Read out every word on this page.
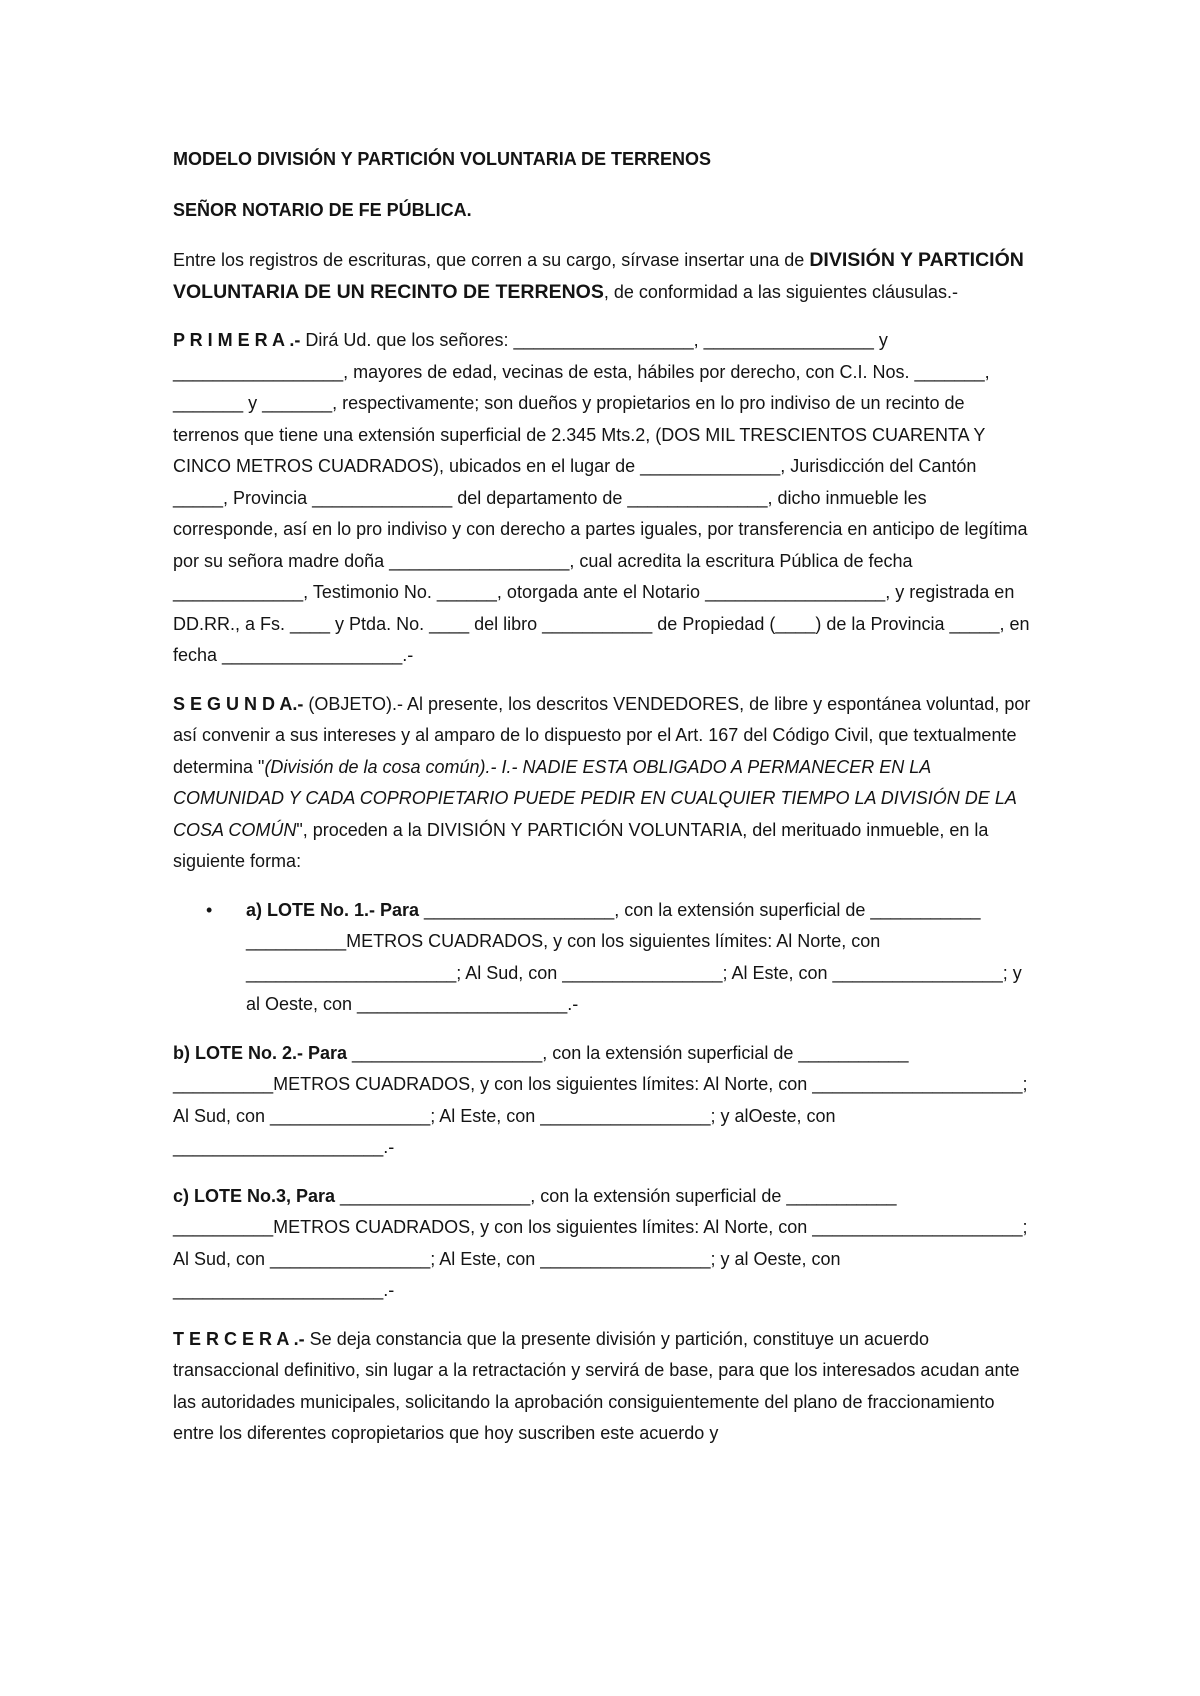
MODELO DIVISIÓN Y PARTICIÓN VOLUNTARIA DE TERRENOS

SEÑOR NOTARIO DE FE PÚBLICA.

Entre los registros de escrituras, que corren a su cargo, sírvase insertar una de DIVISIÓN Y PARTICIÓN VOLUNTARIA DE UN RECINTO DE TERRENOS, de conformidad a las siguientes cláusulas.-

P R I M E R A .- Dirá Ud. que los señores: __________________, _________________ y _________________, mayores de edad, vecinas de esta, hábiles por derecho, con C.I. Nos. _______, _______ y _______, respectivamente; son dueños y propietarios en lo pro indiviso de un recinto de terrenos que tiene una extensión superficial de 2.345 Mts.2, (DOS MIL TRESCIENTOS CUARENTA Y CINCO METROS CUADRADOS), ubicados en el lugar de ______________, Jurisdicción del Cantón _____, Provincia ______________ del departamento de ______________, dicho inmueble les corresponde, así en lo pro indiviso y con derecho a partes iguales, por transferencia en anticipo de legítima por su señora madre doña __________________, cual acredita la escritura Pública de fecha _____________, Testimonio No. ______, otorgada ante el Notario __________________, y registrada en DD.RR., a Fs. ____ y Ptda. No. ____ del libro ___________ de Propiedad (____) de la Provincia _____, en fecha __________________.-

S E G U N D A.- (OBJETO).- Al presente, los descritos VENDEDORES, de libre y espontánea voluntad, por así convenir a sus intereses y al amparo de lo dispuesto por el Art. 167 del Código Civil, que textualmente determina "(División de la cosa común).- I.- NADIE ESTA OBLIGADO A PERMANECER EN LA COMUNIDAD Y CADA COPROPIETARIO PUEDE PEDIR EN CUALQUIER TIEMPO LA DIVISIÓN DE LA COSA COMÚN", proceden a la DIVISIÓN Y PARTICIÓN VOLUNTARIA, del merituado inmueble, en la siguiente forma:

• a) LOTE No. 1.- Para ___________________, con la extensión superficial de ___________ __________METROS CUADRADOS, y con los siguientes límites: Al Norte, con _____________________; Al Sud, con ________________; Al Este, con _________________; y al Oeste, con _____________________.-

b) LOTE No. 2.- Para ___________________, con la extensión superficial de ___________ __________METROS CUADRADOS, y con los siguientes límites: Al Norte, con _____________________; Al Sud, con ________________; Al Este, con _________________; y alOeste, con _____________________.-

c) LOTE No.3, Para ___________________, con la extensión superficial de ___________ __________METROS CUADRADOS, y con los siguientes límites: Al Norte, con _____________________; Al Sud, con ________________; Al Este, con _________________; y al Oeste, con _____________________.-

T E R C E R A .- Se deja constancia que la presente división y partición, constituye un acuerdo transaccional definitivo, sin lugar a la retractación y servirá de base, para que los interesados acudan ante las autoridades municipales, solicitando la aprobación consiguientemente del plano de fraccionamiento entre los diferentes copropietarios que hoy suscriben este acuerdo y
